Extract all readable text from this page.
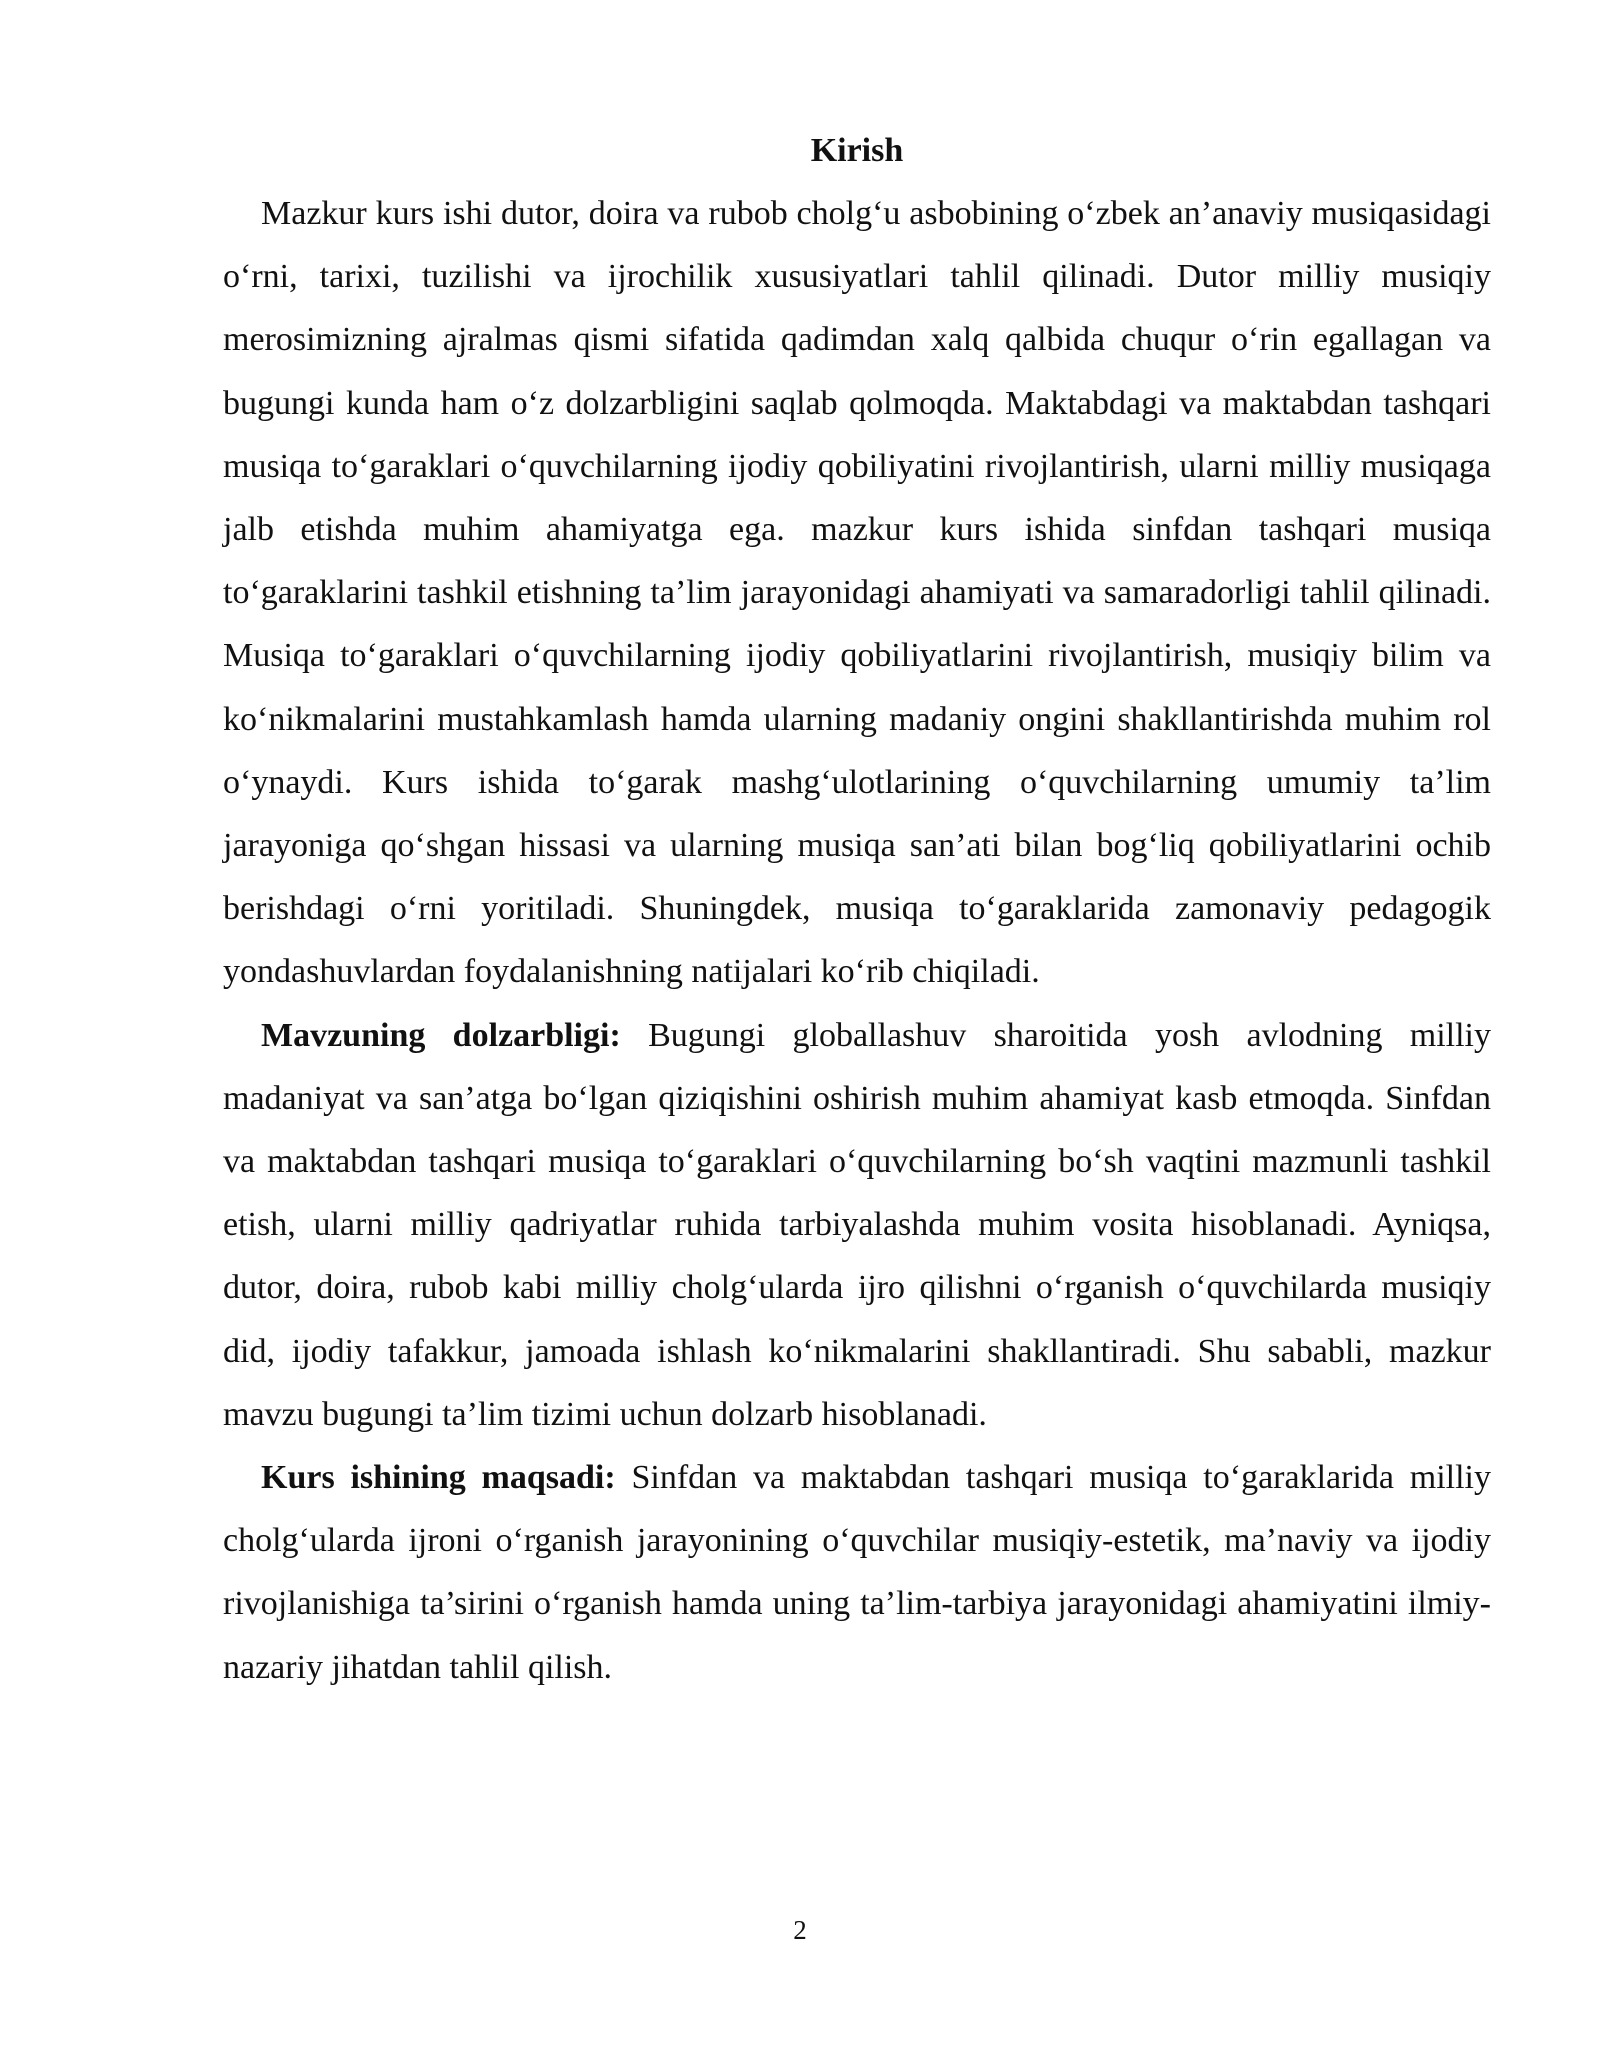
Kirish

Mazkur kurs ishi dutor, doira va rubob cholg‘u asbobining o‘zbek an’anaviy musiqasidagi o‘rni, tarixi, tuzilishi va ijrochilik xususiyatlari tahlil qilinadi. Dutor milliy musiqiy merosimizning ajralmas qismi sifatida qadimdan xalq qalbida chuqur o‘rin egallagan va bugungi kunda ham o‘z dolzarbligini saqlab qolmoqda. Maktabdagi va maktabdan tashqari musiqa to‘garaklari o‘quvchilarning ijodiy qobiliyatini rivojlantirish, ularni milliy musiqaga jalb etishda muhim ahamiyatga ega. mazkur kurs ishida sinfdan tashqari musiqa to‘garaklarini tashkil etishning ta’lim jarayonidagi ahamiyati va samaradorligi tahlil qilinadi. Musiqa to‘garaklari o‘quvchilarning ijodiy qobiliyatlarini rivojlantirish, musiqiy bilim va ko‘nikmalarini mustahkamlash hamda ularning madaniy ongini shakllantirishda muhim rol o‘ynaydi. Kurs ishida to‘garak mashg‘ulotlarining o‘quvchilarning umumiy ta’lim jarayoniga qo‘shgan hissasi va ularning musiqa san’ati bilan bog‘liq qobiliyatlarini ochib berishdagi o‘rni yoritiladi. Shuningdek, musiqa to‘garaklarida zamonaviy pedagogik yondashuvlardan foydalanishning natijalari ko‘rib chiqiladi.

Mavzuning dolzarbligi: Bugungi globallashuv sharoitida yosh avlodning milliy madaniyat va san’atga bo‘lgan qiziqishini oshirish muhim ahamiyat kasb etmoqda. Sinfdan va maktabdan tashqari musiqa to‘garaklari o‘quvchilarning bo‘sh vaqtini mazmunli tashkil etish, ularni milliy qadriyatlar ruhida tarbiyalashda muhim vosita hisoblanadi. Ayniqsa, dutor, doira, rubob kabi milliy cholg‘ularda ijro qilishni o‘rganish o‘quvchilarda musiqiy did, ijodiy tafakkur, jamoada ishlash ko‘nikmalarini shakllantiradi. Shu sababli, mazkur mavzu bugungi ta’lim tizimi uchun dolzarb hisoblanadi.

Kurs ishining maqsadi: Sinfdan va maktabdan tashqari musiqa to‘garaklarida milliy cholg‘ularda ijroni o‘rganish jarayonining o‘quvchilar musiqiy-estetik, ma’naviy va ijodiy rivojlanishiga ta’sirini o‘rganish hamda uning ta’lim-tarbiya jarayonidagi ahamiyatini ilmiy-nazariy jihatdan tahlil qilish.

2
